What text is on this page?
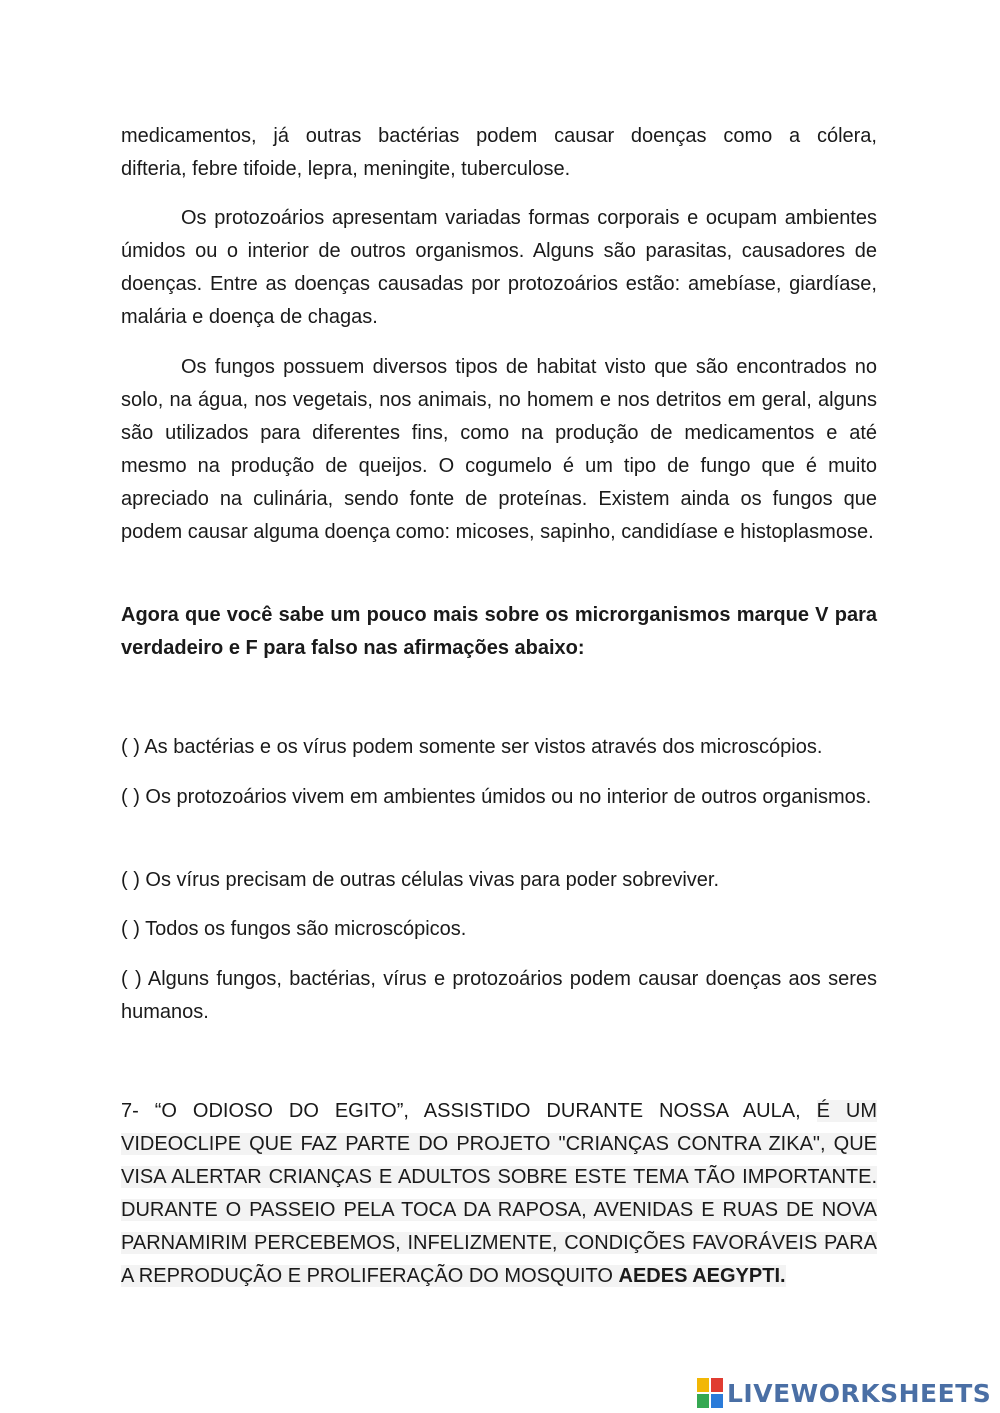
medicamentos, já outras bactérias podem causar doenças como a cólera,

difteria, febre tifoide, lepra, meningite, tuberculose.

Os protozoários apresentam variadas formas corporais e ocupam ambientes úmidos ou o interior de outros organismos. Alguns são parasitas, causadores de doenças. Entre as doenças causadas por protozoários estão: amebíase, giardíase, malária e doença de chagas.

Os fungos possuem diversos tipos de habitat visto que são encontrados no solo, na água, nos vegetais, nos animais, no homem e nos detritos em geral, alguns são utilizados para diferentes fins, como na produção de medicamentos e até mesmo na produção de queijos. O cogumelo é um tipo de fungo que é muito apreciado na culinária, sendo fonte de proteínas. Existem ainda os fungos que podem causar alguma doença como: micoses, sapinho, candidíase e histoplasmose.

Agora que você sabe um pouco mais sobre os microrganismos marque V para verdadeiro e F para falso nas afirmações abaixo:

( ) As bactérias e os vírus podem somente ser vistos através dos microscópios.

( ) Os protozoários vivem em ambientes úmidos ou no interior de outros organismos.

( ) Os vírus precisam de outras células vivas para poder sobreviver.

( ) Todos os fungos são microscópicos.

( ) Alguns fungos, bactérias, vírus e protozoários podem causar doenças aos seres humanos.

7- “O ODIOSO DO EGITO”, ASSISTIDO DURANTE NOSSA AULA, É UM VIDEOCLIPE QUE FAZ PARTE DO PROJETO "CRIANÇAS CONTRA ZIKA", QUE VISA ALERTAR CRIANÇAS E ADULTOS SOBRE ESTE TEMA TÃO IMPORTANTE. DURANTE O PASSEIO PELA TOCA DA RAPOSA, AVENIDAS E RUAS DE NOVA PARNAMIRIM PERCEBEMOS, INFELIZMENTE, CONDIÇÕES FAVORÁVEIS PARA A REPRODUÇÃO E PROLIFERAÇÃO DO MOSQUITO AEDES AEGYPTI.

LIVEWORKSHEETS
